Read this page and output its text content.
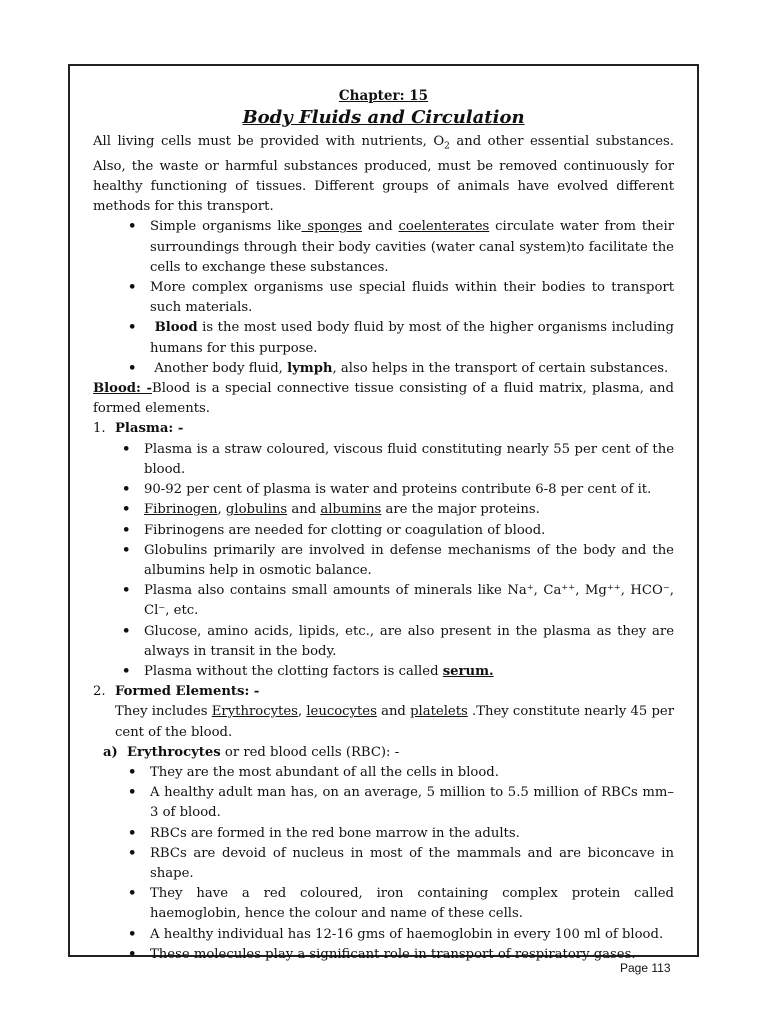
Chapter: 15

Body Fluids and Circulation

All living cells must be provided with nutrients, $O_2$ and other essential substances. Also, the waste or harmful substances produced, must be removed continuously for healthy functioning of tissues. Different groups of animals have evolved different methods for this transport.

• Simple organisms like sponges and coelenterates circulate water from their surroundings through their body cavities (water canal system)to facilitate the cells to exchange these substances.
• More complex organisms use special fluids within their bodies to transport such materials.
• Blood is the most used body fluid by most of the higher organisms including humans for this purpose.
• Another body fluid, lymph, also helps in the transport of certain substances.

Blood: -Blood is a special connective tissue consisting of a fluid matrix, plasma, and formed elements.

1. Plasma: -
• Plasma is a straw coloured, viscous fluid constituting nearly 55 per cent of the blood.
• 90-92 per cent of plasma is water and proteins contribute 6-8 per cent of it.
• Fibrinogen, globulins and albumins are the major proteins.
• Fibrinogens are needed for clotting or coagulation of blood.
• Globulins primarily are involved in defense mechanisms of the body and the albumins help in osmotic balance.
• Plasma also contains small amounts of minerals like Na⁺, Ca⁺⁺, Mg⁺⁺, HCO⁻, Cl⁻, etc.
• Glucose, amino acids, lipids, etc., are also present in the plasma as they are always in transit in the body.
• Plasma without the clotting factors is called serum.
2. Formed Elements: -

They includes Erythrocytes, leucocytes and platelets .They constitute nearly 45 per cent of the blood.

a) Erythrocytes or red blood cells (RBC): -
• They are the most abundant of all the cells in blood.
• A healthy adult man has, on an average, 5 million to 5.5 million of RBCs mm–3 of blood.
• RBCs are formed in the red bone marrow in the adults.
• RBCs are devoid of nucleus in most of the mammals and are biconcave in shape.
• They have a red coloured, iron containing complex protein called haemoglobin, hence the colour and name of these cells.
• A healthy individual has 12-16 gms of haemoglobin in every 100 ml of blood.
• These molecules play a significant role in transport of respiratory gases.
Page 113
